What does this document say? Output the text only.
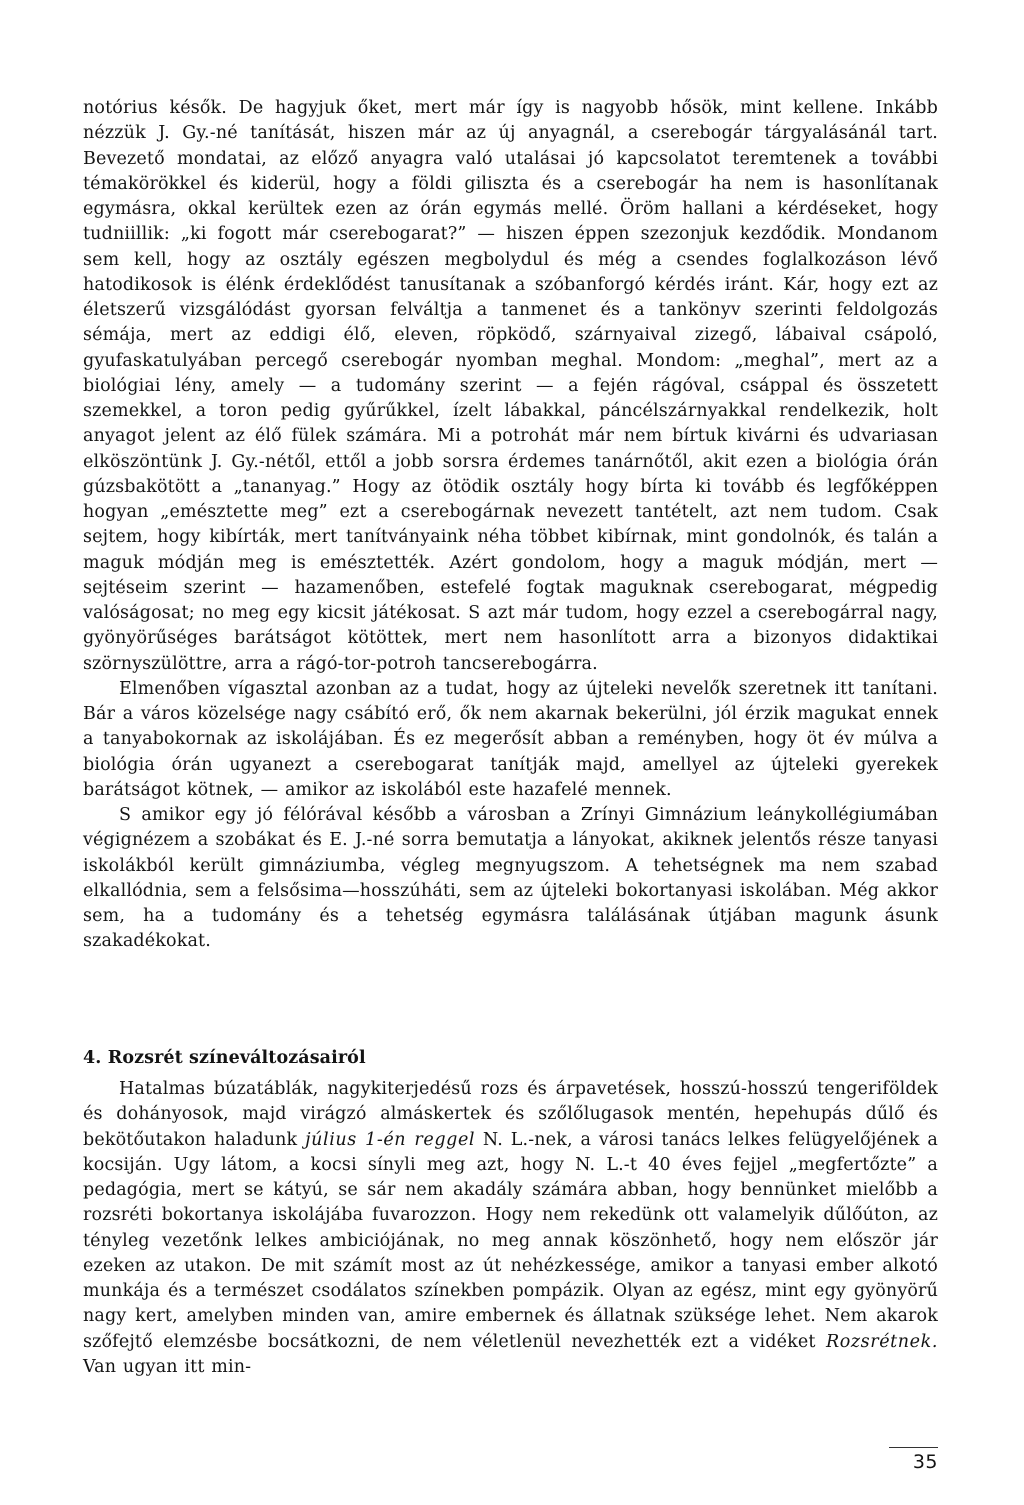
notórius késők. De hagyjuk őket, mert már így is nagyobb hősök, mint kellene. Inkább nézzük J. Gy.-né tanítását, hiszen már az új anyagnál, a cserebogár tárgyalásánál tart. Bevezető mondatai, az előző anyagra való utalásai jó kapcsolatot teremtenek a további témakörökkel és kiderül, hogy a földi giliszta és a cserebogár ha nem is hasonlítanak egymásra, okkal kerültek ezen az órán egymás mellé. Öröm hallani a kérdéseket, hogy tudniillik: „ki fogott már cserebogarat?” — hiszen éppen szezonjuk kezdődik. Mondanom sem kell, hogy az osztály egészen megbolydul és még a csendes foglalkozáson lévő hatodikosok is élénk érdeklődést tanusítanak a szóbanforgó kérdés iránt. Kár, hogy ezt az életszerű vizsgálódást gyorsan felváltja a tanmenet és a tankönyv szerinti feldolgozás sémája, mert az eddigi élő, eleven, röpködő, szárnyaival zizegő, lábaival csápoló, gyufaskatulyában percegő cserebogár nyomban meghal. Mondom: „meghal”, mert az a biológiai lény, amely — a tudomány szerint — a fején rágóval, csáppal és összetett szemekkel, a toron pedig gyűrűkkel, ízelt lábakkal, páncélszárnyakkal rendelkezik, holt anyagot jelent az élő fülek számára. Mi a potrohát már nem bírtuk kivárni és udvariasan elköszöntünk J. Gy.-nétől, ettől a jobb sorsra érdemes tanárnőtől, akit ezen a biológia órán gúzsbakötött a „tananyag.” Hogy az ötödik osztály hogy bírta ki tovább és legfőképpen hogyan „emésztette meg” ezt a cserebogárnak nevezett tantételt, azt nem tudom. Csak sejtem, hogy kibírták, mert tanítványaink néha többet kibírnak, mint gondolnók, és talán a maguk módján meg is emésztették. Azért gondolom, hogy a maguk módján, mert — sejtéseim szerint — hazamenőben, estefelé fogtak maguknak cserebogarat, mégpedig valóságosat; no meg egy kicsit játékosat. S azt már tudom, hogy ezzel a cserebogárral nagy, gyönyörűséges barátságot kötöttek, mert nem hasonlított arra a bizonyos didaktikai szörnyszülöttre, arra a rágó-tor-potroh tancserebogárra.

Elmenőben vígasztal azonban az a tudat, hogy az újteleki nevelők szeretnek itt tanítani. Bár a város közelsége nagy csábító erő, ők nem akarnak bekerülni, jól érzik magukat ennek a tanyabokornak az iskolájában. És ez megerősít abban a reményben, hogy öt év múlva a biológia órán ugyanezt a cserebogarat tanítják majd, amellyel az újteleki gyerekek barátságot kötnek, — amikor az iskolából este hazafelé mennek.

S amikor egy jó félórával később a városban a Zrínyi Gimnázium leánykollégiumában végignézem a szobákat és E. J.-né sorra bemutatja a lányokat, akiknek jelentős része tanyasi iskolákból került gimnáziumba, végleg megnyugszom. A tehetségnek ma nem szabad elkallódnia, sem a felsősima—hosszúháti, sem az újteleki bokortanyasi iskolában. Még akkor sem, ha a tudomány és a tehetség egymásra találásának útjában magunk ásunk szakadékokat.

4. Rozsrét színeváltozásairól

Hatalmas búzatáblák, nagykiterjedésű rozs és árpavetések, hosszú-hosszú tengeriföldek és dohányosok, majd virágzó almáskertek és szőlőlugasok mentén, hepehupás dűlő és bekötőutakon haladunk július 1-én reggel N. L.-nek, a városi tanács lelkes felügyelőjének a kocsiján. Ugy látom, a kocsi sínyli meg azt, hogy N. L.-t 40 éves fejjel „megfertőzte” a pedagógia, mert se kátyú, se sár nem akadály számára abban, hogy bennünket mielőbb a rozsréti bokortanya iskolájába fuvarozzon. Hogy nem rekedünk ott valamelyik dűlőúton, az tényleg vezetőnk lelkes ambiciójának, no meg annak köszönhető, hogy nem először jár ezeken az utakon. De mit számít most az út nehézkessége, amikor a tanyasi ember alkotó munkája és a természet csodálatos színekben pompázik. Olyan az egész, mint egy gyönyörű nagy kert, amelyben minden van, amire embernek és állatnak szüksége lehet. Nem akarok szőfejtő elemzésbe bocsátkozni, de nem véletlenül nevezhették ezt a vidéket Rozsrétnek. Van ugyan itt min-

35
